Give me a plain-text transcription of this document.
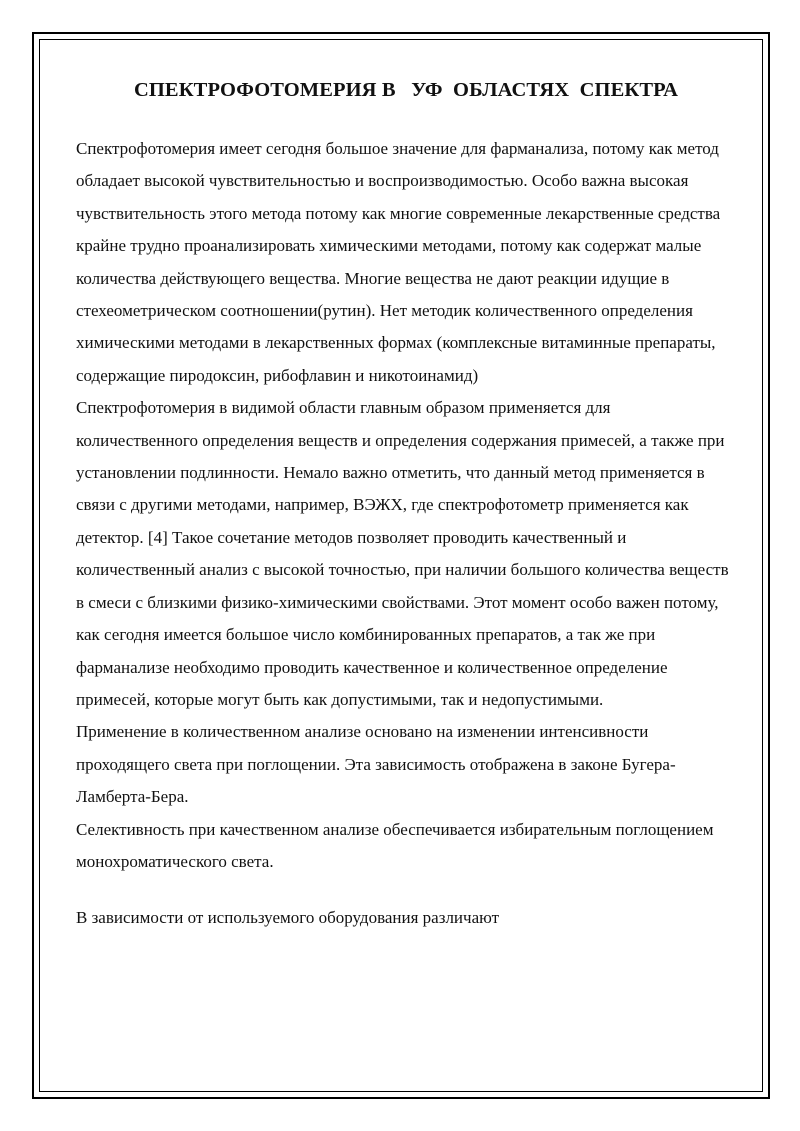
СПЕКТРОФОТОМЕРИЯ В   УФ  ОБЛАСТЯХ  СПЕКТРА

Спектрофотомерия имеет сегодня большое значение для фарманализа, потому как метод обладает высокой чувствительностью и воспроизводимостью. Особо важна высокая чувствительность этого метода потому как многие современные лекарственные средства крайне трудно проанализировать химическими методами, потому как содержат малые количества действующего вещества. Многие вещества не дают реакции идущие в стехеометрическом соотношении(рутин). Нет методик количественного определения химическими методами в лекарственных формах (комплексные витаминные препараты, содержащие пиродоксин, рибофлавин и никотоинамид)

Спектрофотомерия в видимой области главным образом применяется для количественного определения веществ и определения содержания примесей, а также при установлении подлинности. Немало важно отметить, что данный метод применяется в связи с другими методами, например, ВЭЖХ, где спектрофотометр применяется как детектор. [4] Такое сочетание методов позволяет проводить качественный и количественный анализ с высокой точностью, при наличии большого количества веществ в смеси с близкими физико-химическими свойствами. Этот момент особо важен потому, как сегодня имеется большое число комбинированных препаратов, а так же при фарманализе необходимо проводить качественное и количественное определение примесей, которые могут быть как допустимыми, так и недопустимыми.

Применение в количественном анализе основано на изменении интенсивности проходящего света при поглощении. Эта зависимость отображена в законе Бугера-Ламберта-Бера.

Селективность при качественном анализе обеспечивается избирательным поглощением монохроматического света.

В зависимости от используемого оборудования различают
